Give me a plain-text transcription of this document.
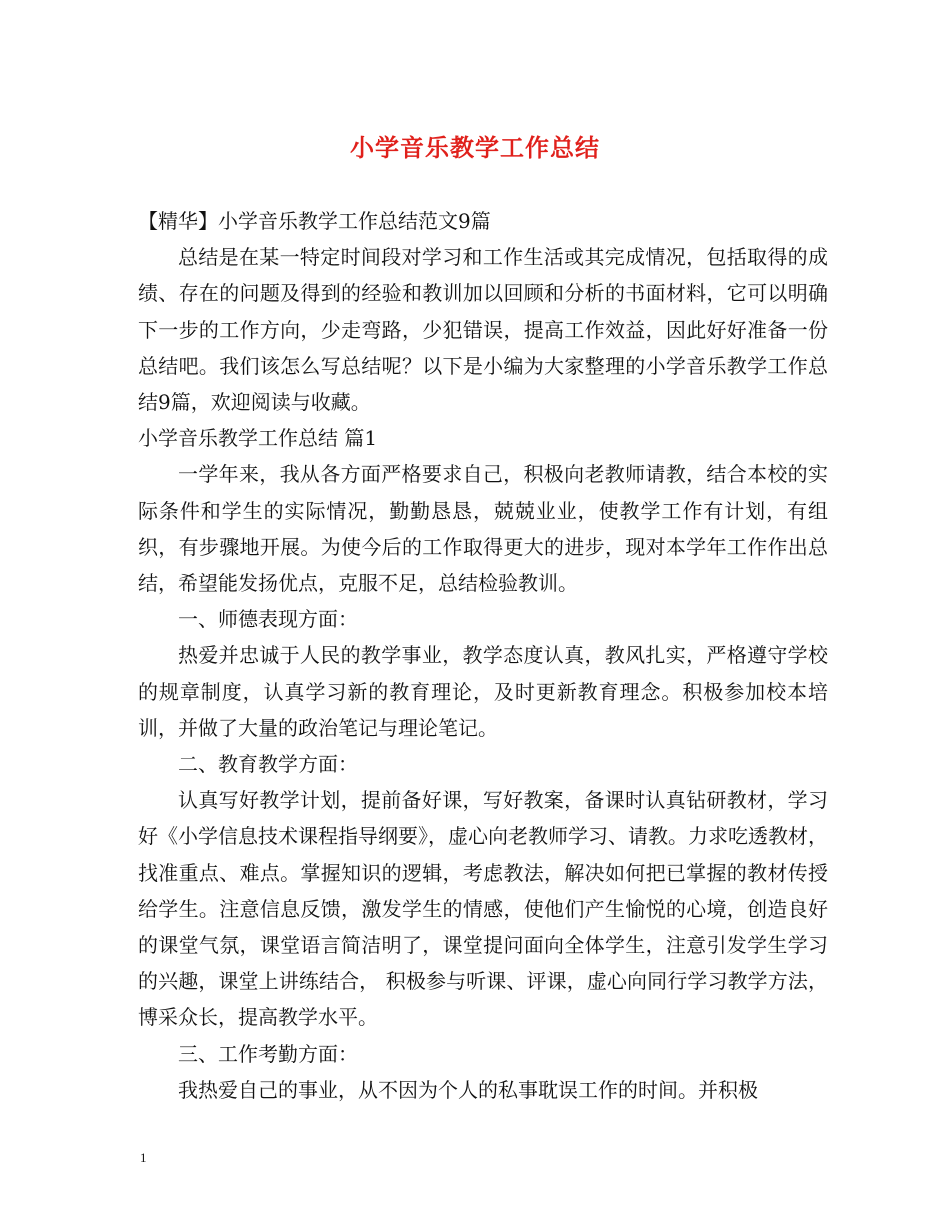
小学音乐教学工作总结
【精华】小学音乐教学工作总结范文9篇
总结是在某一特定时间段对学习和工作生活或其完成情况，包括取得的成绩、存在的问题及得到的经验和教训加以回顾和分析的书面材料，它可以明确下一步的工作方向，少走弯路，少犯错误，提高工作效益，因此好好准备一份总结吧。我们该怎么写总结呢？以下是小编为大家整理的小学音乐教学工作总结9篇，欢迎阅读与收藏。
小学音乐教学工作总结 篇1
一学年来，我从各方面严格要求自己，积极向老教师请教，结合本校的实际条件和学生的实际情况，勤勤恳恳，兢兢业业，使教学工作有计划，有组织，有步骤地开展。为使今后的工作取得更大的进步，现对本学年工作作出总结，希望能发扬优点，克服不足，总结检验教训。
一、师德表现方面：
热爱并忠诚于人民的教学事业，教学态度认真，教风扎实，严格遵守学校的规章制度，认真学习新的教育理论，及时更新教育理念。积极参加校本培训，并做了大量的政治笔记与理论笔记。
二、教育教学方面：
认真写好教学计划，提前备好课，写好教案，备课时认真钻研教材，学习好《小学信息技术课程指导纲要》，虚心向老教师学习、请教。力求吃透教材，找准重点、难点。掌握知识的逻辑，考虑教法，解决如何把已掌握的教材传授给学生。注意信息反馈，激发学生的情感，使他们产生愉悦的心境，创造良好的课堂气氛，课堂语言简洁明了，课堂提问面向全体学生，注意引发学生学习的兴趣，课堂上讲练结合， 积极参与听课、评课，虚心向同行学习教学方法，博采众长，提高教学水平。
三、工作考勤方面：
我热爱自己的事业，从不因为个人的私事耽误工作的时间。并积极
1
